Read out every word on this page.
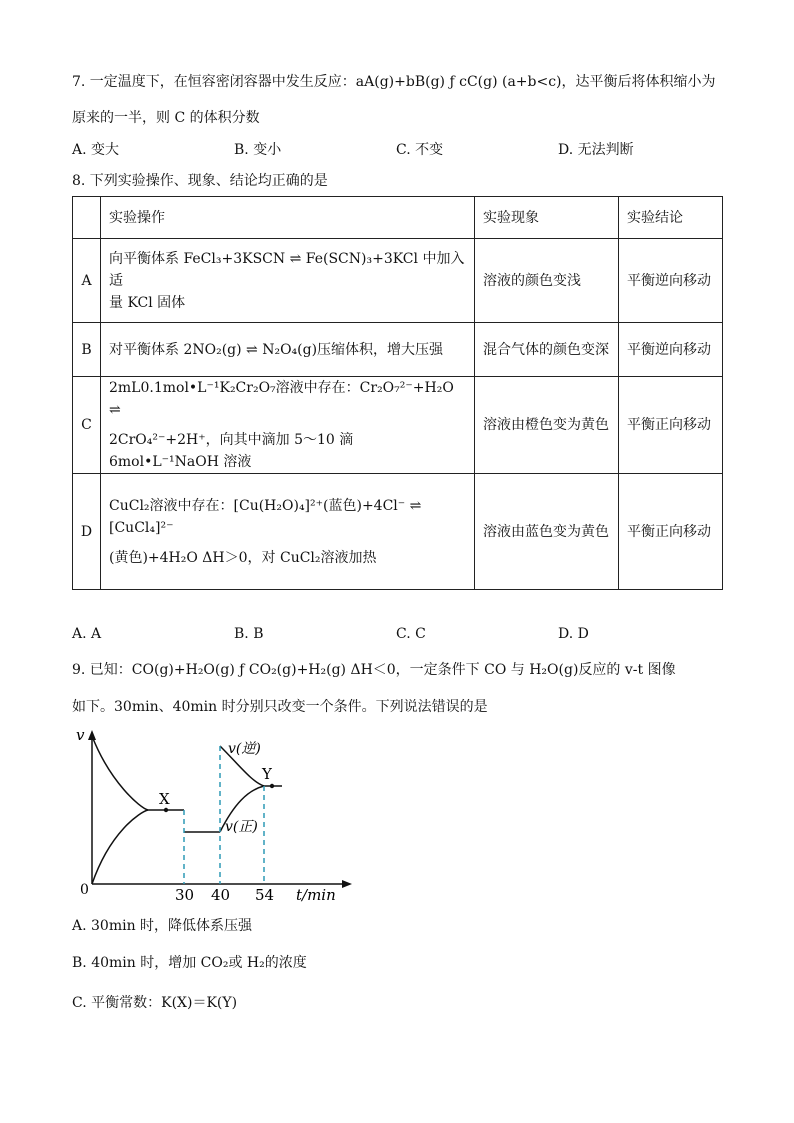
7. 一定温度下，在恒容密闭容器中发生反应：aA(g)+bB(g) ƒ cC(g) (a+b<c)，达平衡后将体积缩小为
原来的一半，则 C 的体积分数
A. 变大	B. 变小	C. 不变	D. 无法判断
8. 下列实验操作、现象、结论均正确的是
	实验操作	实验现象	实验结论
A	向平衡体系 FeCl₃+3KSCN ⇌ Fe(SCN)₃+3KCl 中加入适
量 KCl 固体	溶液的颜色变浅	平衡逆向移动
B	对平衡体系 2NO₂(g) ⇌ N₂O₄(g)压缩体积，增大压强	混合气体的颜色变深	平衡逆向移动
C	2mL0.1mol•L⁻¹K₂Cr₂O₇溶液中存在：Cr₂O₇²⁻+H₂O ⇌
2CrO₄²⁻+2H⁺，向其中滴加 5～10 滴 6mol•L⁻¹NaOH 溶液	溶液由橙色变为黄色	平衡正向移动
D	CuCl₂溶液中存在：[Cu(H₂O)₄]²⁺(蓝色)+4Cl⁻ ⇌ [CuCl₄]²⁻
(黄色)+4H₂O ΔH＞0，对 CuCl₂溶液加热	溶液由蓝色变为黄色	平衡正向移动
A. A	B. B	C. C	D. D
9. 已知：CO(g)+H₂O(g) ƒ CO₂(g)+H₂(g) ΔH＜0，一定条件下 CO 与 H₂O(g)反应的 v-t 图像
如下。30min、40min 时分别只改变一个条件。下列说法错误的是
v
0
X
Y
v(逆)
v(正)
30 40 54 t/min
A. 30min 时，降低体系压强
B. 40min 时，增加 CO₂或 H₂的浓度
C. 平衡常数：K(X)＝K(Y)
